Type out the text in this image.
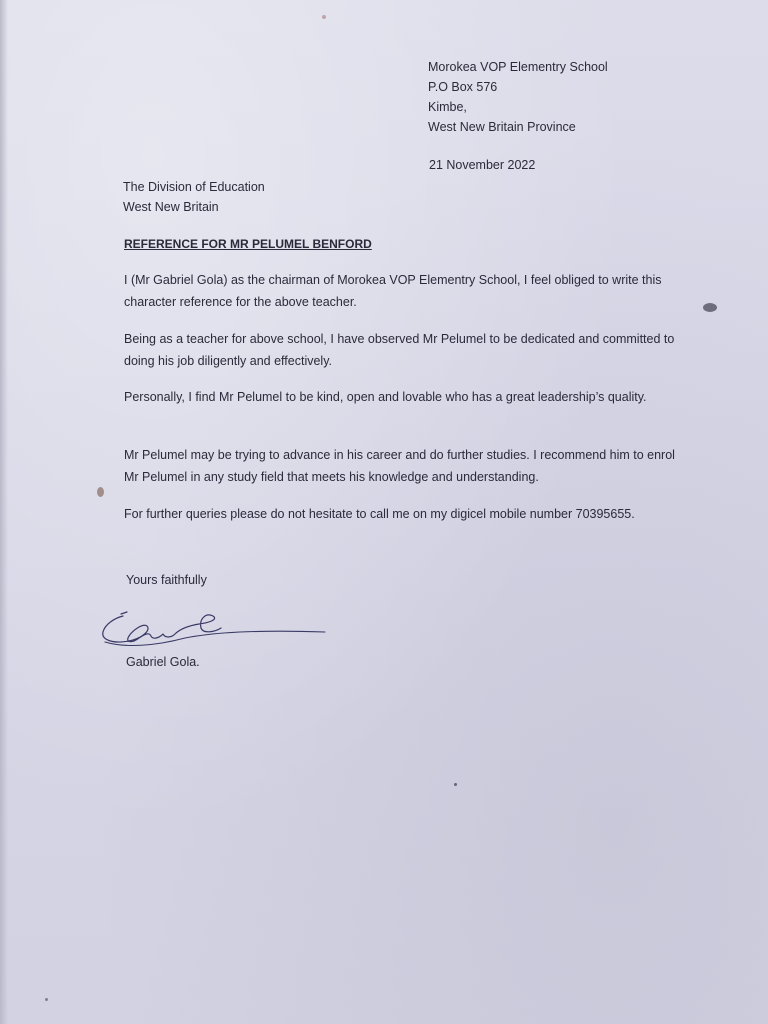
Morokea VOP Elementry School
P.O Box 576
Kimbe,
West New Britain Province
21 November 2022
The Division of Education
West New Britain
REFERENCE FOR MR PELUMEL BENFORD
I (Mr Gabriel Gola) as the chairman of Morokea VOP Elementry School, I feel obliged to write this character reference for the above teacher.
Being as a teacher for above school, I have observed Mr Pelumel to be dedicated and committed to doing his job diligently and effectively.
Personally, I find Mr Pelumel to be kind, open and lovable who has a great leadership’s quality.
Mr Pelumel may be trying to advance in his career and do further studies. I recommend him to enrol Mr Pelumel in any study field that meets his knowledge and understanding.
For further queries please do not hesitate to call me on my digicel mobile number 70395655.
Yours faithfully
Gabriel Gola.
